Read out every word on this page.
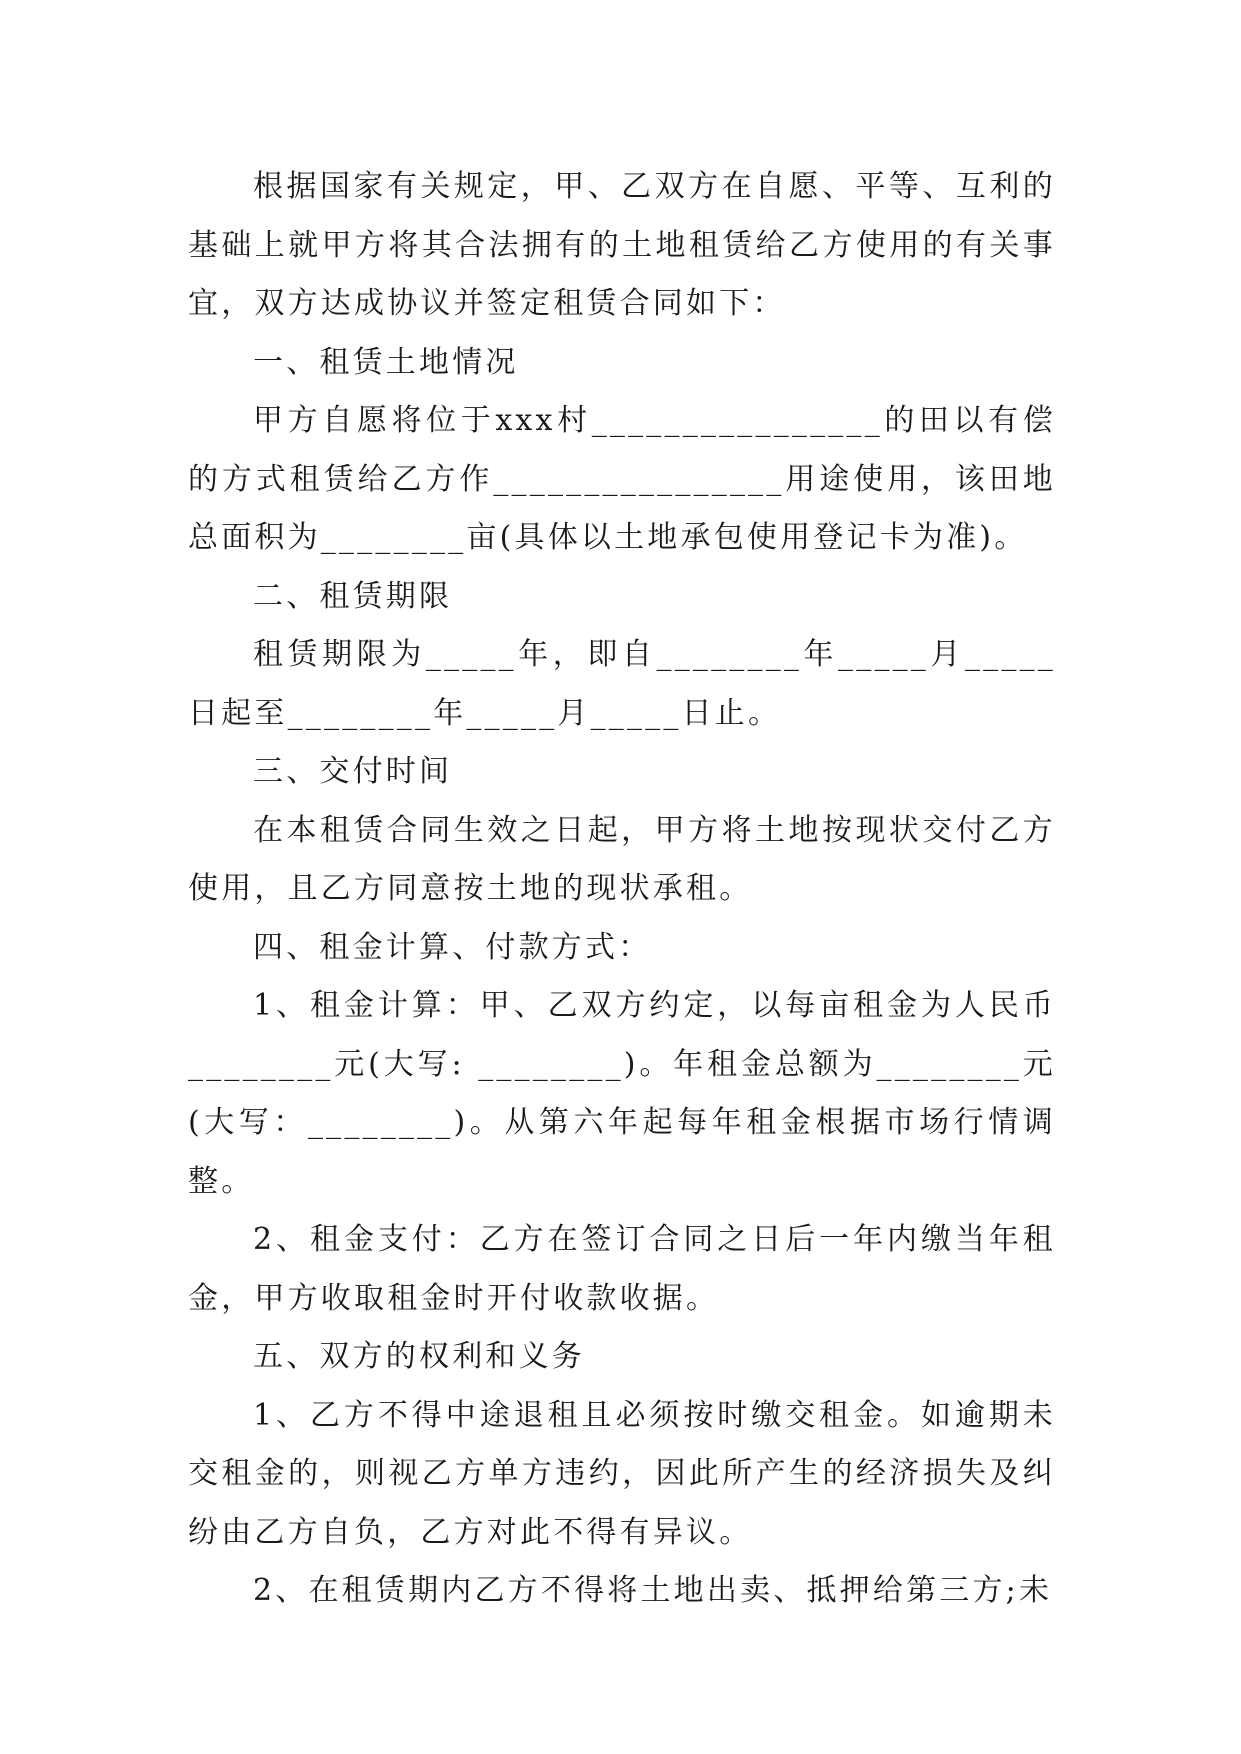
根据国家有关规定，甲、乙双方在自愿、平等、互利的基础上就甲方将其合法拥有的土地租赁给乙方使用的有关事宜，双方达成协议并签定租赁合同如下：

一、租赁土地情况

甲方自愿将位于xxx村________________的田以有偿的方式租赁给乙方作________________用途使用，该田地总面积为________亩(具体以土地承包使用登记卡为准)。

二、租赁期限

租赁期限为_____年，即自________年_____月_____日起至________年_____月_____日止。

三、交付时间

在本租赁合同生效之日起，甲方将土地按现状交付乙方使用，且乙方同意按土地的现状承租。

四、租金计算、付款方式：

1、租金计算：甲、乙双方约定，以每亩租金为人民币________元(大写: ________)。年租金总额为________元(大写：________)。从第六年起每年租金根据市场行情调整。

2、租金支付：乙方在签订合同之日后一年内缴当年租金，甲方收取租金时开付收款收据。

五、双方的权利和义务

1、乙方不得中途退租且必须按时缴交租金。如逾期未交租金的，则视乙方单方违约，因此所产生的经济损失及纠纷由乙方自负，乙方对此不得有异议。

2、在租赁期内乙方不得将土地出卖、抵押给第三方;未
